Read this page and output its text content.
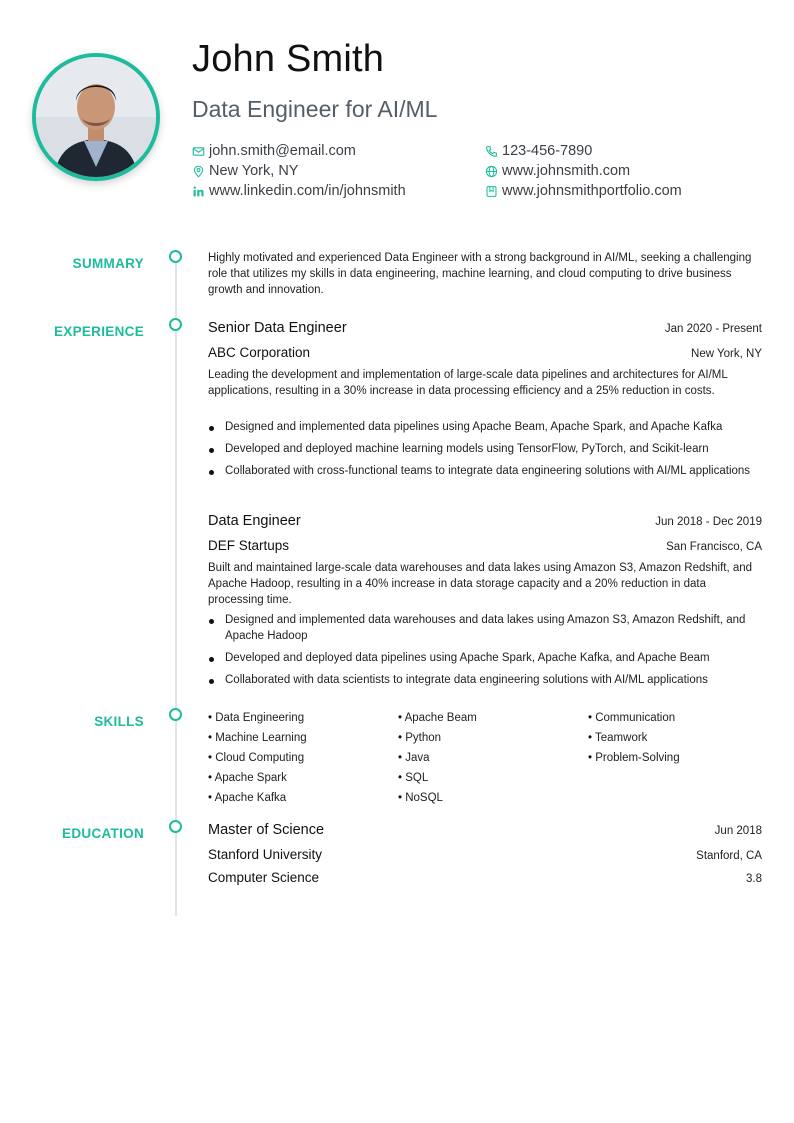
John Smith
Data Engineer for AI/ML
john.smith@email.com	123-456-7890
New York, NY	www.johnsmith.com
www.linkedin.com/in/johnsmith	www.johnsmithportfolio.com
SUMMARY
EXPERIENCE
SKILLS
EDUCATION
Highly motivated and experienced Data Engineer with a strong background in AI/ML, seeking a challenging role that utilizes my skills in data engineering, machine learning, and cloud computing to drive business growth and innovation.
Senior Data Engineer	Jan 2020 - Present
ABC Corporation	New York, NY
Leading the development and implementation of large-scale data pipelines and architectures for AI/ML applications, resulting in a 30% increase in data processing efficiency and a 25% reduction in costs.
Designed and implemented data pipelines using Apache Beam, Apache Spark, and Apache Kafka
Developed and deployed machine learning models using TensorFlow, PyTorch, and Scikit-learn
Collaborated with cross-functional teams to integrate data engineering solutions with AI/ML applications
Data Engineer	Jun 2018 - Dec 2019
DEF Startups	San Francisco, CA
Built and maintained large-scale data warehouses and data lakes using Amazon S3, Amazon Redshift, and Apache Hadoop, resulting in a 40% increase in data storage capacity and a 20% reduction in data processing time.
Designed and implemented data warehouses and data lakes using Amazon S3, Amazon Redshift, and Apache Hadoop
Developed and deployed data pipelines using Apache Spark, Apache Kafka, and Apache Beam
Collaborated with data scientists to integrate data engineering solutions with AI/ML applications
• Data Engineering
• Machine Learning
• Cloud Computing
• Apache Spark
• Apache Kafka
• Apache Beam
• Python
• Java
• SQL
• NoSQL
• Communication
• Teamwork
• Problem-Solving
Master of Science	Jun 2018
Stanford University	Stanford, CA
Computer Science	3.8
